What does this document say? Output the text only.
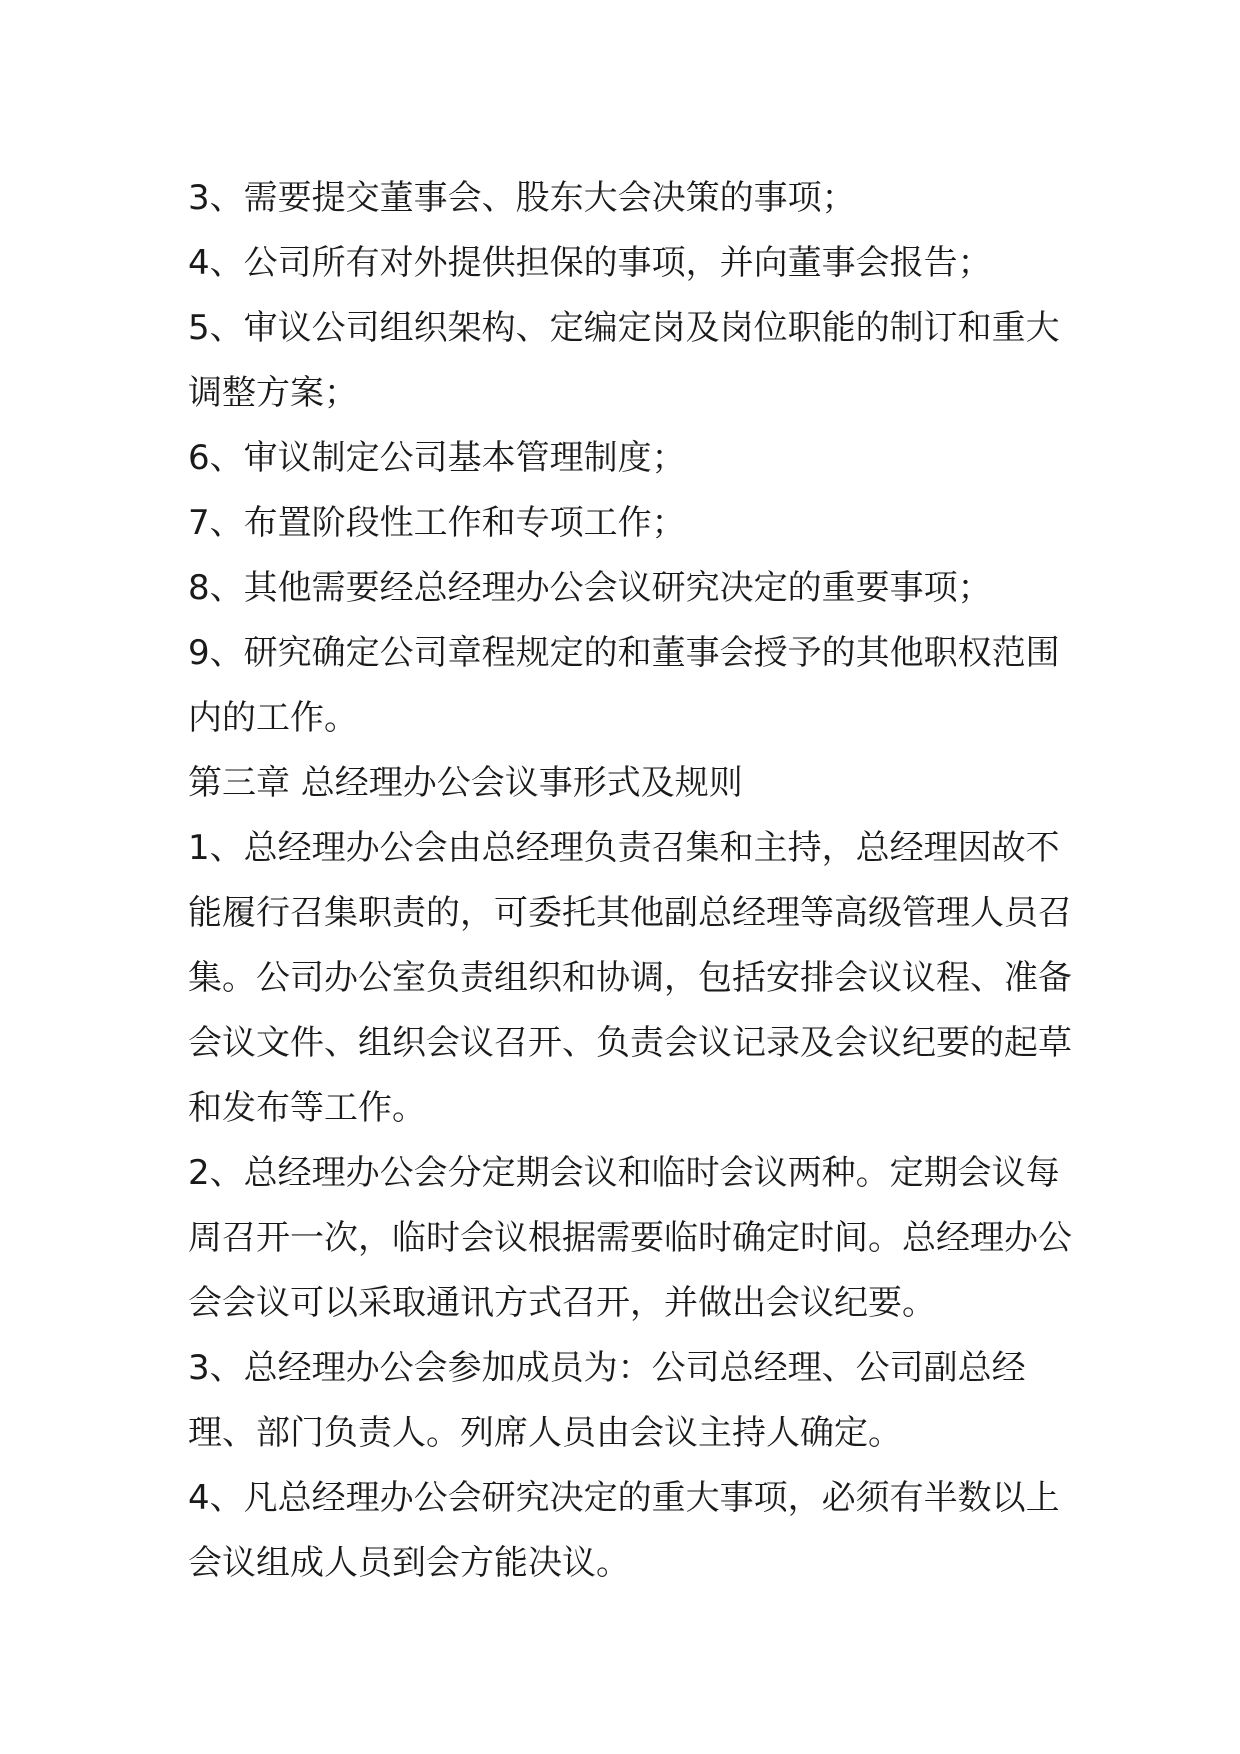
3、需要提交董事会、股东大会决策的事项；

4、公司所有对外提供担保的事项，并向董事会报告；

5、审议公司组织架构、定编定岗及岗位职能的制订和重大调整方案；

6、审议制定公司基本管理制度；

7、布置阶段性工作和专项工作；

8、其他需要经总经理办公会议研究决定的重要事项；

9、研究确定公司章程规定的和董事会授予的其他职权范围内的工作。

第三章 总经理办公会议事形式及规则

1、总经理办公会由总经理负责召集和主持，总经理因故不能履行召集职责的，可委托其他副总经理等高级管理人员召集。公司办公室负责组织和协调，包括安排会议议程、准备会议文件、组织会议召开、负责会议记录及会议纪要的起草和发布等工作。

2、总经理办公会分定期会议和临时会议两种。定期会议每周召开一次，临时会议根据需要临时确定时间。总经理办公会会议可以采取通讯方式召开，并做出会议纪要。

3、总经理办公会参加成员为：公司总经理、公司副总经理、部门负责人。列席人员由会议主持人确定。

4、凡总经理办公会研究决定的重大事项，必须有半数以上会议组成人员到会方能决议。
